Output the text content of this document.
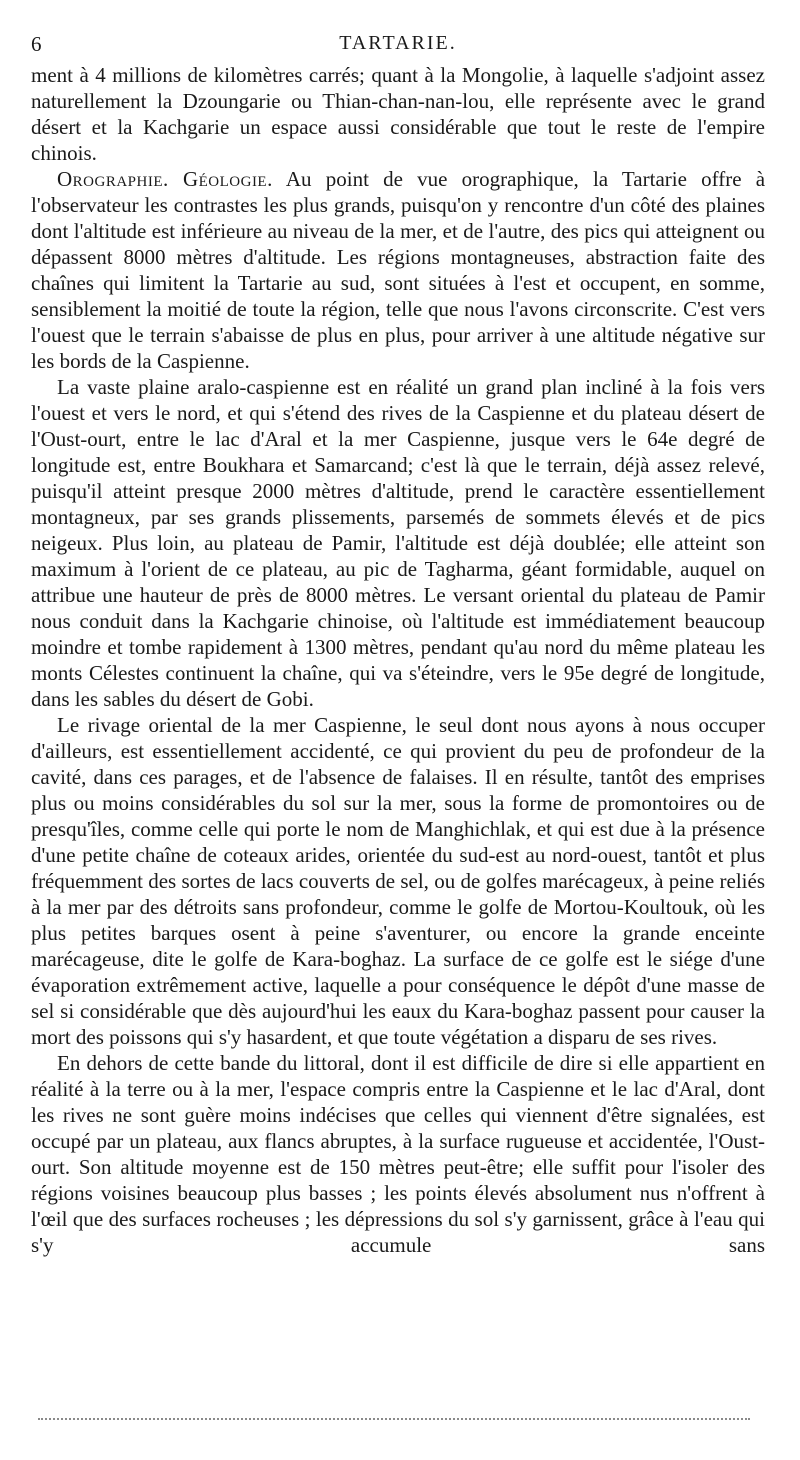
6	TARTARIE.

ment à 4 millions de kilomètres carrés; quant à la Mongolie, à laquelle s'adjoint assez naturellement la Dzoungarie ou Thian-chan-nan-lou, elle représente avec le grand désert et la Kachgarie un espace aussi considérable que tout le reste de l'empire chinois.

Orographie. Géologie. Au point de vue orographique, la Tartarie offre à l'observateur les contrastes les plus grands, puisqu'on y rencontre d'un côté des plaines dont l'altitude est inférieure au niveau de la mer, et de l'autre, des pics qui atteignent ou dépassent 8000 mètres d'altitude. Les régions montagneuses, abstraction faite des chaînes qui limitent la Tartarie au sud, sont situées à l'est et occupent, en somme, sensiblement la moitié de toute la région, telle que nous l'avons circonscrite. C'est vers l'ouest que le terrain s'abaisse de plus en plus, pour arriver à une altitude négative sur les bords de la Caspienne.

La vaste plaine aralo-caspienne est en réalité un grand plan incliné à la fois vers l'ouest et vers le nord, et qui s'étend des rives de la Caspienne et du plateau désert de l'Oust-ourt, entre le lac d'Aral et la mer Caspienne, jusque vers le 64e degré de longitude est, entre Boukhara et Samarcand; c'est là que le terrain, déjà assez relevé, puisqu'il atteint presque 2000 mètres d'altitude, prend le caractère essentiellement montagneux, par ses grands plissements, parsemés de sommets élevés et de pics neigeux. Plus loin, au plateau de Pamir, l'altitude est déjà doublée; elle atteint son maximum à l'orient de ce plateau, au pic de Tagharma, géant formidable, auquel on attribue une hauteur de près de 8000 mètres. Le versant oriental du plateau de Pamir nous conduit dans la Kachgarie chinoise, où l'altitude est immédiatement beaucoup moindre et tombe rapidement à 1300 mètres, pendant qu'au nord du même plateau les monts Célestes continuent la chaîne, qui va s'éteindre, vers le 95e degré de longitude, dans les sables du désert de Gobi.

Le rivage oriental de la mer Caspienne, le seul dont nous ayons à nous occuper d'ailleurs, est essentiellement accidenté, ce qui provient du peu de profondeur de la cavité, dans ces parages, et de l'absence de falaises. Il en résulte, tantôt des emprises plus ou moins considérables du sol sur la mer, sous la forme de promontoires ou de presqu'îles, comme celle qui porte le nom de Manghichlak, et qui est due à la présence d'une petite chaîne de coteaux arides, orientée du sud-est au nord-ouest, tantôt et plus fréquemment des sortes de lacs couverts de sel, ou de golfes marécageux, à peine reliés à la mer par des détroits sans profondeur, comme le golfe de Mortou-Koultouk, où les plus petites barques osent à peine s'aventurer, ou encore la grande enceinte marécageuse, dite le golfe de Kara-boghaz. La surface de ce golfe est le siége d'une évaporation extrêmement active, laquelle a pour conséquence le dépôt d'une masse de sel si considérable que dès aujourd'hui les eaux du Kara-boghaz passent pour causer la mort des poissons qui s'y hasardent, et que toute végétation a disparu de ses rives.

En dehors de cette bande du littoral, dont il est difficile de dire si elle appartient en réalité à la terre ou à la mer, l'espace compris entre la Caspienne et le lac d'Aral, dont les rives ne sont guère moins indécises que celles qui viennent d'être signalées, est occupé par un plateau, aux flancs abruptes, à la surface rugueuse et accidentée, l'Oust-ourt. Son altitude moyenne est de 150 mètres peut-être; elle suffit pour l'isoler des régions voisines beaucoup plus basses ; les points élevés absolument nus n'offrent à l'œil que des surfaces rocheuses ; les dépressions du sol s'y garnissent, grâce à l'eau qui s'y accumule sans
